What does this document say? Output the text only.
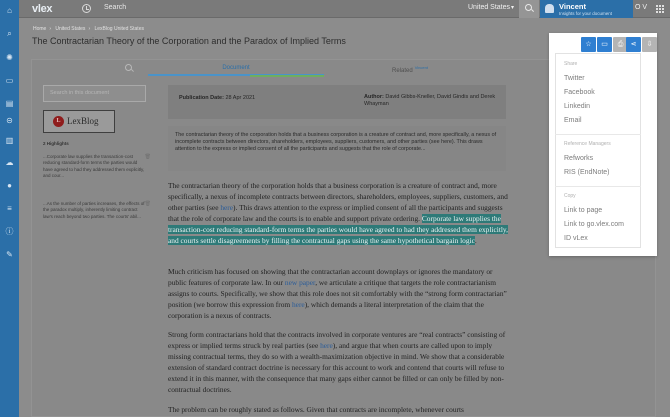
⌂
⌕
✺
▭
▤
⊝
▥
☁
●
≡
ⓘ
✎
vlex	Search	United States ▾	Vincent
Insights for your document
O V
Home › United States › LexBlog United States
The Contractarian Theory of the Corporation and the Paradox of Implied Terms
Document	Related$^{Vincent}$
Search in this document
L LexBlog
2 Highlights
...Corporate law supplies the transaction-cost reducing standard-form terms the parties would have agreed to had they addressed them explicitly, and cour...
🗑
...As the number of parties increases, the effects of the paradox multiply, inherently limiting contract law's reach beyond two parties. The courts' abil...
🗑
Publication Date: 28 Apr 2021	Author: David Gibbs-Kneller, David Gindis and Derek Whayman
The contractarian theory of the corporation holds that a business corporation is a creature of contract and, more specifically, a nexus of incomplete contracts between directors, shareholders, employees, suppliers, customers, and other parties (see here). This draws attention to the express or implied consent of all the participants and suggests that the role of corporate...
The contractarian theory of the corporation holds that a business corporation is a creature of contract and, more specifically, a nexus of incomplete contracts between directors, shareholders, employees, suppliers, customers, and other parties (see here). This draws attention to the express or implied consent of all the participants and suggests that the role of corporate law and the courts is to enable and support private ordering. Corporate law supplies the transaction-cost reducing standard-form terms the parties would have agreed to had they addressed them explicitly, and courts settle disagreements by filling the contractual gaps using the same hypothetical bargain logic.
Much criticism has focused on showing that the contractarian account downplays or ignores the mandatory or public features of corporate law. In our new paper, we articulate a critique that targets the role contractarianism assigns to courts. Specifically, we show that this role does not sit comfortably with the “strong form contractarian” position (we borrow this expression from here), which demands a literal interpretation of the claim that the corporation is a nexus of contracts.
Strong form contractarians hold that the contracts involved in corporate ventures are “real contracts” consisting of express or implied terms struck by real parties (see here), and argue that when courts are called upon to imply missing contractual terms, they do so with a wealth-maximization objective in mind. We show that a considerable extension of standard contract doctrine is necessary for this account to work and contend that courts will refuse to extend it in this manner, with the consequence that many gaps either cannot be filled or can only be filled by non-contractual doctrines.
The problem can be roughly stated as follows. Given that contracts are incomplete, whenever courts
☆	▭	⎙	⋖	⇩
Share
Twitter
Facebook
Linkedin
Email
Reference Managers
Refworks
RIS (EndNote)
Copy
Link to page
Link to go.vlex.com
ID vLex
